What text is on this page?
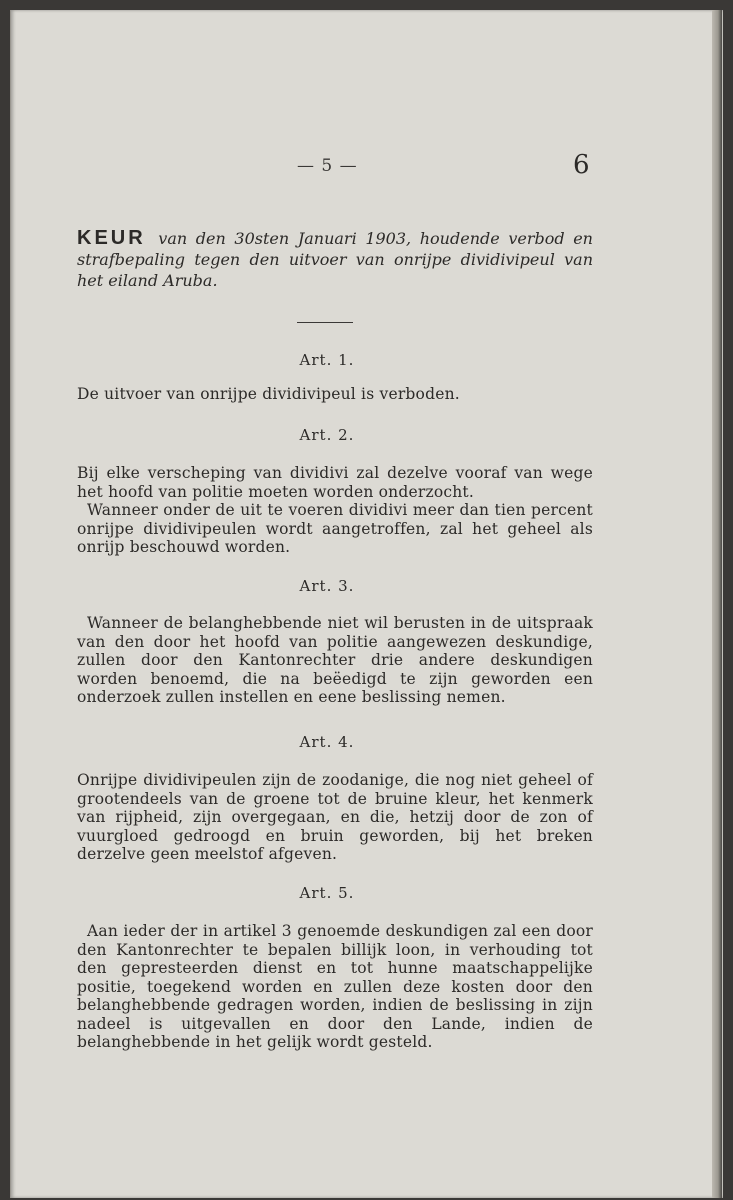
— 5 —	6
KEUR van den 30sten Januari 1903, houdende verbod en strafbepaling tegen den uitvoer van onrijpe dividivipeul van het eiland Aruba.
Art. 1.
De uitvoer van onrijpe dividivipeul is verboden.
Art. 2.
Bij elke verscheping van dividivi zal dezelve vooraf van wege het hoofd van politie moeten worden onderzocht.
Wanneer onder de uit te voeren dividivi meer dan tien percent onrijpe dividivipeulen wordt aangetroffen, zal het geheel als onrijp beschouwd worden.
Art. 3.
Wanneer de belanghebbende niet wil berusten in de uitspraak van den door het hoofd van politie aangewezen deskundige, zullen door den Kantonrechter drie andere deskundigen worden benoemd, die na beëedigd te zijn geworden een onderzoek zullen instellen en eene beslissing nemen.
Art. 4.
Onrijpe dividivipeulen zijn de zoodanige, die nog niet geheel of grootendeels van de groene tot de bruine kleur, het kenmerk van rijpheid, zijn overgegaan, en die, hetzij door de zon of vuurgloed gedroogd en bruin geworden, bij het breken derzelve geen meelstof afgeven.
Art. 5.
Aan ieder der in artikel 3 genoemde deskundigen zal een door den Kantonrechter te bepalen billijk loon, in verhouding tot den gepresteerden dienst en tot hunne maatschappelijke positie, toegekend worden en zullen deze kosten door den belanghebbende gedragen worden, indien de beslissing in zijn nadeel is uitgevallen en door den Lande, indien de belanghebbende in het gelijk wordt gesteld.
